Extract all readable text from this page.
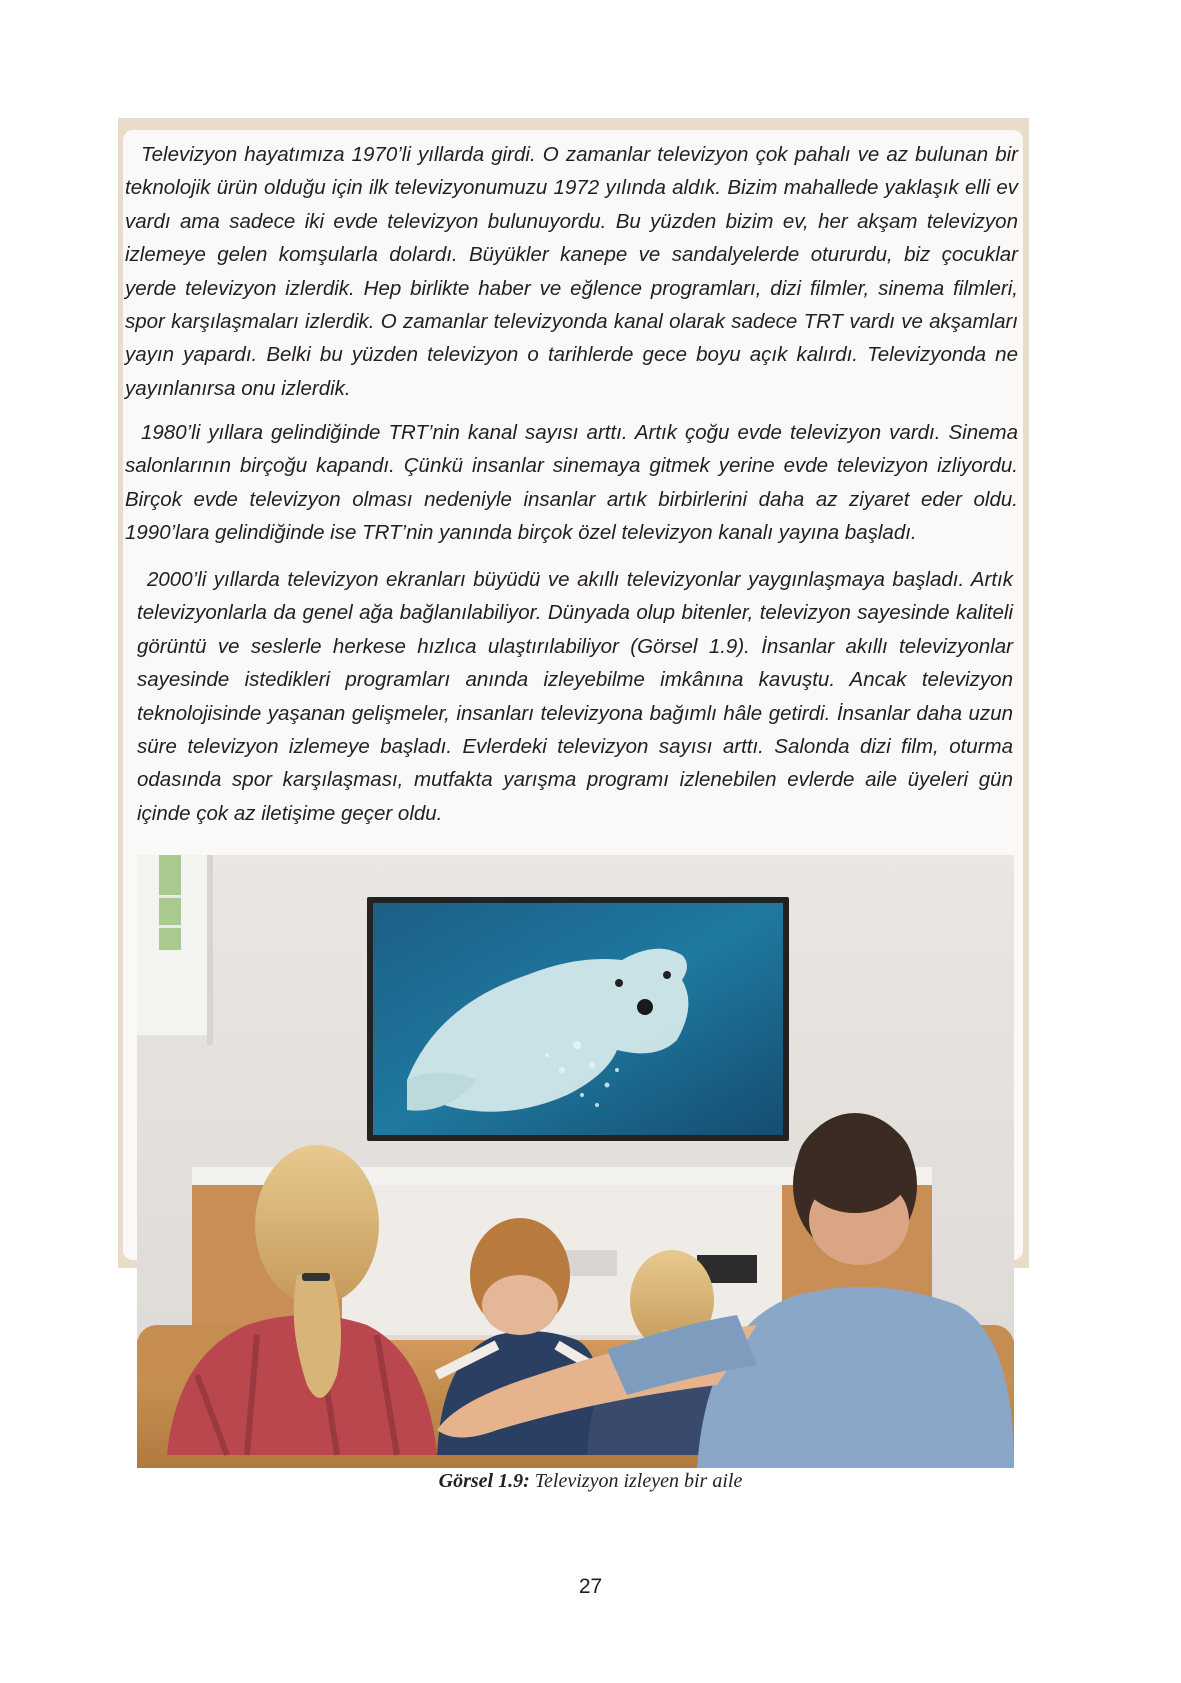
Televizyon hayatımıza 1970’li yıllarda girdi. O zamanlar televizyon çok pahalı ve az bulunan bir teknolojik ürün olduğu için ilk televizyonumuzu 1972 yılında aldık. Bizim mahallede yaklaşık elli ev vardı ama sadece iki evde televizyon bulunuyordu. Bu yüzden bizim ev, her akşam televizyon izlemeye gelen komşularla dolardı. Büyükler kanepe ve sandalyelerde otururdu, biz çocuklar yerde televizyon izlerdik. Hep birlikte haber ve eğlence programları, dizi filmler, sinema filmleri, spor karşılaşmaları izlerdik. O zamanlar televizyonda kanal olarak sadece TRT vardı ve akşamları yayın yapardı. Belki bu yüzden televizyon o tarihlerde gece boyu açık kalırdı. Televizyonda ne yayınlanırsa onu izlerdik.

1980’li yıllara gelindiğinde TRT’nin kanal sayısı arttı. Artık çoğu evde televizyon vardı. Sinema salonlarının birçoğu kapandı. Çünkü insanlar sinemaya gitmek yerine evde televizyon izliyordu. Birçok evde televizyon olması nedeniyle insanlar artık birbirlerini daha az ziyaret eder oldu. 1990’lara gelindiğinde ise TRT’nin yanında birçok özel televizyon kanalı yayına başladı.

2000’li yıllarda televizyon ekranları büyüdü ve akıllı televizyonlar yaygınlaşmaya başladı. Artık televizyonlarla da genel ağa bağlanılabiliyor. Dünyada olup bitenler, televizyon sayesinde kaliteli görüntü ve seslerle herkese hızlıca ulaştırılabiliyor (Görsel 1.9). İnsanlar akıllı televizyonlar sayesinde istedikleri programları anında izleyebilme imkânına kavuştu. Ancak televizyon teknolojisinde yaşanan gelişmeler, insanları televizyona bağımlı hâle getirdi. İnsanlar daha uzun süre televizyon izlemeye başladı. Evlerdeki televizyon sayısı arttı. Salonda dizi film, oturma odasında spor karşılaşması, mutfakta yarışma programı izlenebilen evlerde aile üyeleri gün içinde çok az iletişime geçer oldu.

Görsel 1.9: Televizyon izleyen bir aile
27
